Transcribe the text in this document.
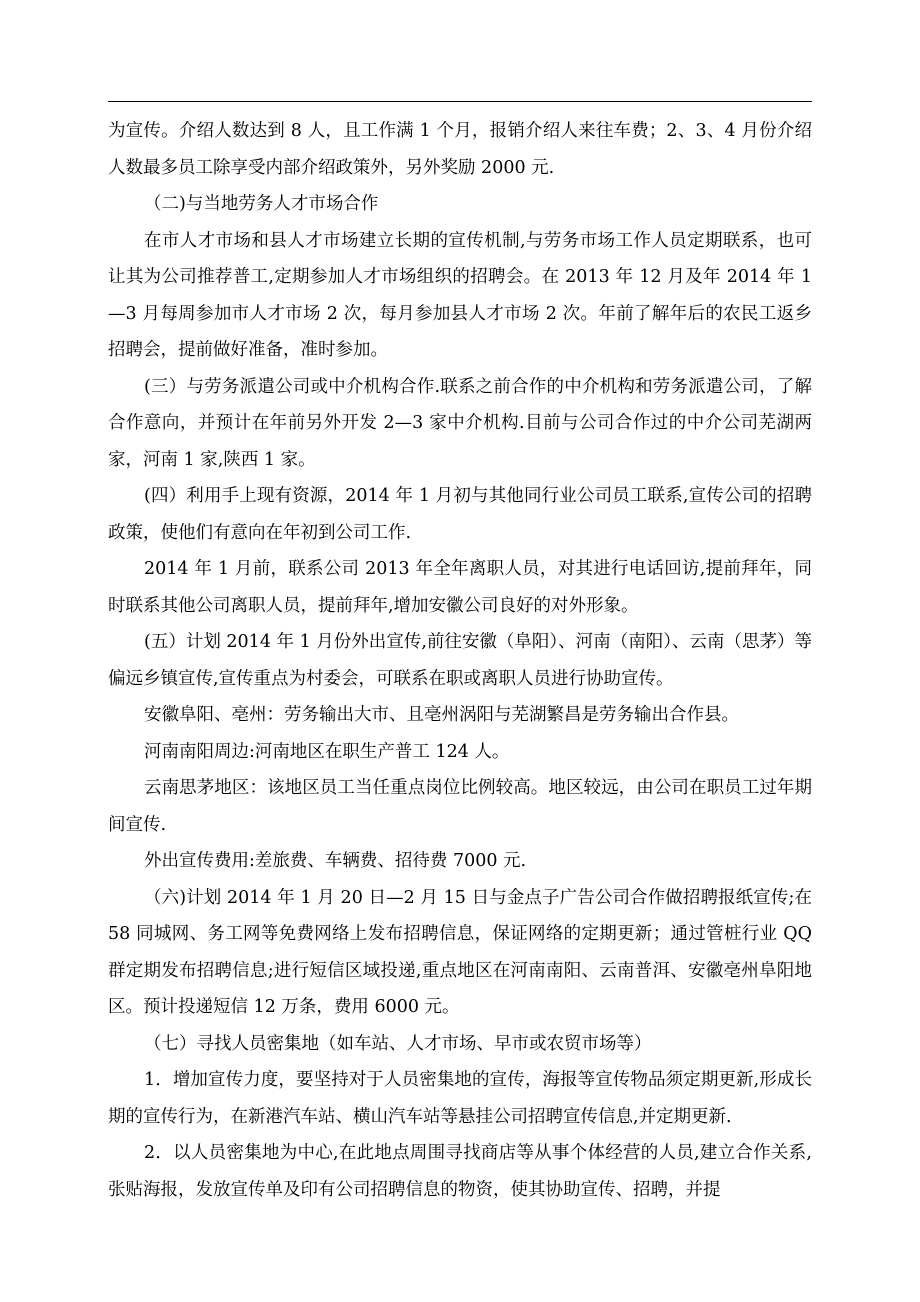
为宣传。介绍人数达到 8 人，且工作满 1 个月，报销介绍人来往车费；2、3、4 月份介绍人数最多员工除享受内部介绍政策外，另外奖励 2000 元.

（二)与当地劳务人才市场合作

在市人才市场和县人才市场建立长期的宣传机制,与劳务市场工作人员定期联系，也可让其为公司推荐普工,定期参加人才市场组织的招聘会。在 2013 年 12 月及年 2014 年 1—3 月每周参加市人才市场 2 次，每月参加县人才市场 2 次。年前了解年后的农民工返乡招聘会，提前做好准备，准时参加。

(三）与劳务派遣公司或中介机构合作.联系之前合作的中介机构和劳务派遣公司，了解合作意向，并预计在年前另外开发 2—3 家中介机构.目前与公司合作过的中介公司芜湖两家，河南 1 家,陕西 1 家。

(四）利用手上现有资源，2014 年 1 月初与其他同行业公司员工联系,宣传公司的招聘政策，使他们有意向在年初到公司工作.

2014 年 1 月前，联系公司 2013 年全年离职人员，对其进行电话回访,提前拜年，同时联系其他公司离职人员，提前拜年,增加安徽公司良好的对外形象。

(五）计划 2014 年 1 月份外出宣传,前往安徽（阜阳）、河南（南阳）、云南（思茅）等偏远乡镇宣传,宣传重点为村委会，可联系在职或离职人员进行协助宣传。

安徽阜阳、亳州：劳务输出大市、且亳州涡阳与芜湖繁昌是劳务输出合作县。

河南南阳周边:河南地区在职生产普工 124 人。

云南思茅地区：该地区员工当任重点岗位比例较高。地区较远，由公司在职员工过年期间宣传.

外出宣传费用:差旅费、车辆费、招待费 7000 元.

（六)计划 2014 年 1 月 20 日—2 月 15 日与金点子广告公司合作做招聘报纸宣传;在 58 同城网、务工网等免费网络上发布招聘信息，保证网络的定期更新；通过管桩行业 QQ 群定期发布招聘信息;进行短信区域投递,重点地区在河南南阳、云南普洱、安徽亳州阜阳地区。预计投递短信 12 万条，费用 6000 元。

（七）寻找人员密集地（如车站、人才市场、早市或农贸市场等）

1．增加宣传力度，要坚持对于人员密集地的宣传，海报等宣传物品须定期更新,形成长期的宣传行为，在新港汽车站、横山汽车站等悬挂公司招聘宣传信息,并定期更新.

2．以人员密集地为中心,在此地点周围寻找商店等从事个体经营的人员,建立合作关系,张贴海报，发放宣传单及印有公司招聘信息的物资，使其协助宣传、招聘，并提
